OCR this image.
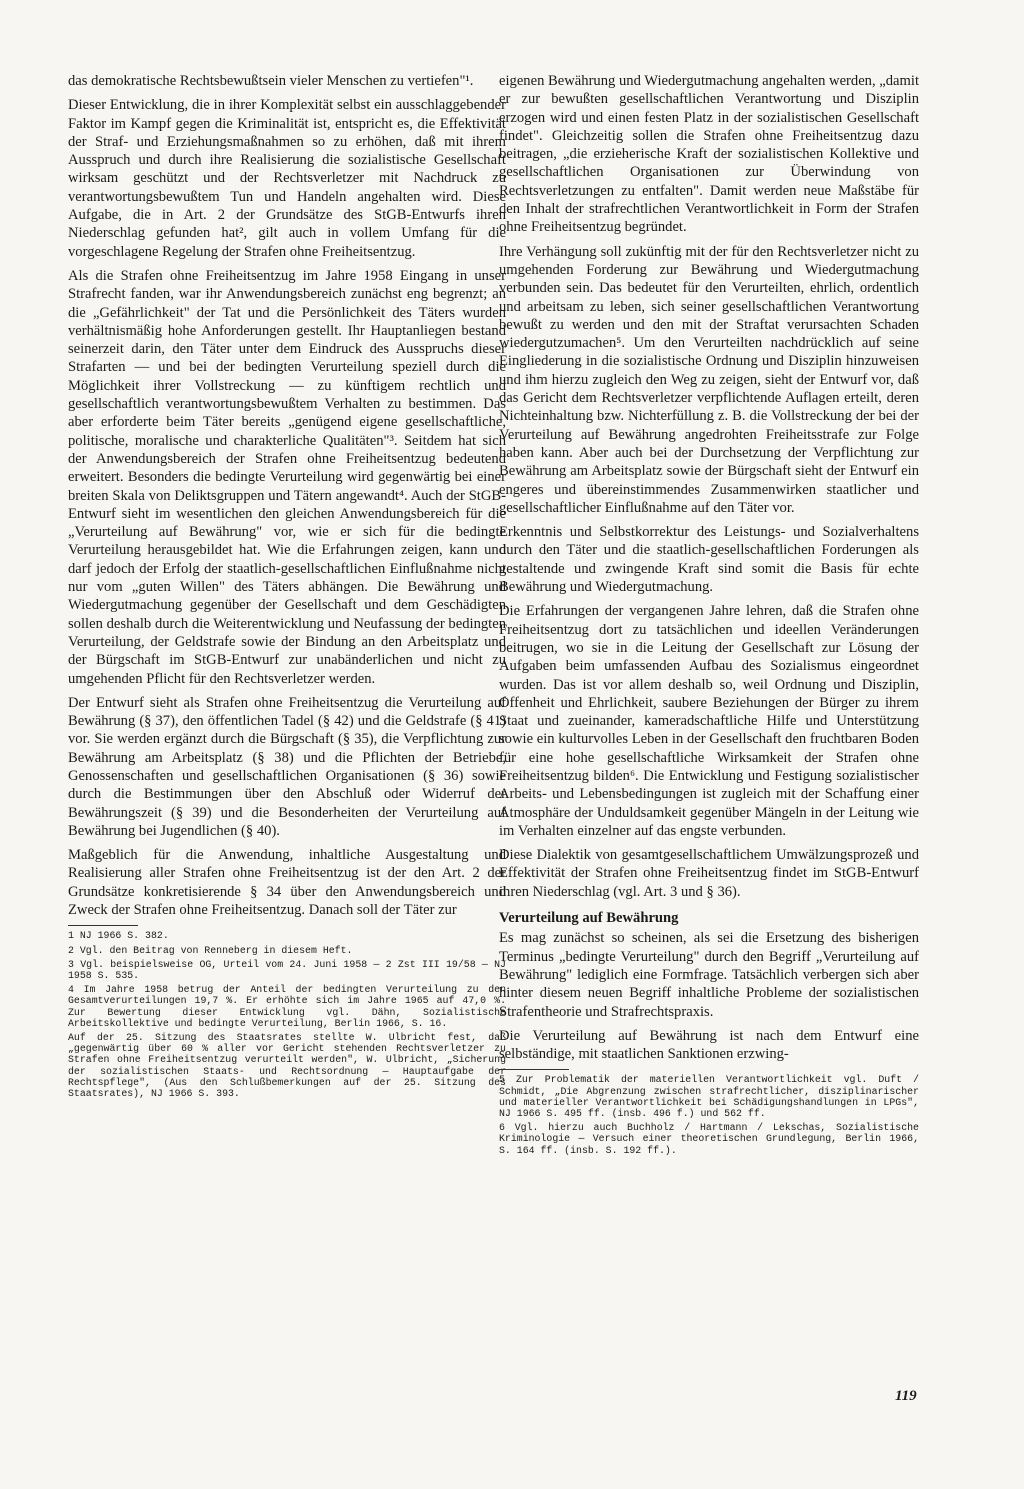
das demokratische Rechtsbewußtsein vieler Menschen zu vertiefen"¹.

Dieser Entwicklung, die in ihrer Komplexität selbst ein ausschlaggebender Faktor im Kampf gegen die Kriminalität ist, entspricht es, die Effektivität der Straf- und Erziehungsmaßnahmen so zu erhöhen, daß mit ihrem Ausspruch und durch ihre Realisierung die sozialistische Gesellschaft wirksam geschützt und der Rechtsverletzer mit Nachdruck zu verantwortungsbewußtem Tun und Handeln angehalten wird. Diese Aufgabe, die in Art. 2 der Grundsätze des StGB-Entwurfs ihren Niederschlag gefunden hat², gilt auch in vollem Umfang für die vorgeschlagene Regelung der Strafen ohne Freiheitsentzug.

Als die Strafen ohne Freiheitsentzug im Jahre 1958 Eingang in unser Strafrecht fanden, war ihr Anwendungsbereich zunächst eng begrenzt; an die „Gefährlichkeit" der Tat und die Persönlichkeit des Täters wurden verhältnismäßig hohe Anforderungen gestellt. Ihr Hauptanliegen bestand seinerzeit darin, den Täter unter dem Eindruck des Ausspruchs dieser Strafarten — und bei der bedingten Verurteilung speziell durch die Möglichkeit ihrer Vollstreckung — zu künftigem rechtlich und gesellschaftlich verantwortungsbewußtem Verhalten zu bestimmen. Das aber erforderte beim Täter bereits „genügend eigene gesellschaftliche, politische, moralische und charakterliche Qualitäten"³. Seitdem hat sich der Anwendungsbereich der Strafen ohne Freiheitsentzug bedeutend erweitert. Besonders die bedingte Verurteilung wird gegenwärtig bei einer breiten Skala von Deliktsgruppen und Tätern angewandt⁴. Auch der StGB-Entwurf sieht im wesentlichen den gleichen Anwendungsbereich für die „Verurteilung auf Bewährung" vor, wie er sich für die bedingte Verurteilung herausgebildet hat. Wie die Erfahrungen zeigen, kann und darf jedoch der Erfolg der staatlich-gesellschaftlichen Einflußnahme nicht nur vom „guten Willen" des Täters abhängen. Die Bewährung und Wiedergutmachung gegenüber der Gesellschaft und dem Geschädigten sollen deshalb durch die Weiterentwicklung und Neufassung der bedingten Verurteilung, der Geldstrafe sowie der Bindung an den Arbeitsplatz und der Bürgschaft im StGB-Entwurf zur unabänderlichen und nicht zu umgehenden Pflicht für den Rechtsverletzer werden.

Der Entwurf sieht als Strafen ohne Freiheitsentzug die Verurteilung auf Bewährung (§ 37), den öffentlichen Tadel (§ 42) und die Geldstrafe (§ 41) vor. Sie werden ergänzt durch die Bürgschaft (§ 35), die Verpflichtung zur Bewährung am Arbeitsplatz (§ 38) und die Pflichten der Betriebe, Genossenschaften und gesellschaftlichen Organisationen (§ 36) sowie durch die Bestimmungen über den Abschluß oder Widerruf der Bewährungszeit (§ 39) und die Besonderheiten der Verurteilung auf Bewährung bei Jugendlichen (§ 40).

Maßgeblich für die Anwendung, inhaltliche Ausgestaltung und Realisierung aller Strafen ohne Freiheitsentzug ist der den Art. 2 der Grundsätze konkretisierende § 34 über den Anwendungsbereich und Zweck der Strafen ohne Freiheitsentzug. Danach soll der Täter zur

1 NJ 1966 S. 382.

2 Vgl. den Beitrag von Renneberg in diesem Heft.

3 Vgl. beispielsweise OG, Urteil vom 24. Juni 1958 — 2 Zst III 19/58 — NJ 1958 S. 535.

4 Im Jahre 1958 betrug der Anteil der bedingten Verurteilung zu den Gesamtverurteilungen 19,7 %. Er erhöhte sich im Jahre 1965 auf 47,0 %. Zur Bewertung dieser Entwicklung vgl. Dähn, Sozialistische Arbeitskollektive und bedingte Verurteilung, Berlin 1966, S. 16.

Auf der 25. Sitzung des Staatsrates stellte W. Ulbricht fest, daß „gegenwärtig über 60 % aller vor Gericht stehenden Rechtsverletzer zu Strafen ohne Freiheitsentzug verurteilt werden", W. Ulbricht, „Sicherung der sozialistischen Staats- und Rechtsordnung — Hauptaufgabe der Rechtspflege", (Aus den Schlußbemerkungen auf der 25. Sitzung des Staatsrates), NJ 1966 S. 393.

eigenen Bewährung und Wiedergutmachung angehalten werden, „damit er zur bewußten gesellschaftlichen Verantwortung und Disziplin erzogen wird und einen festen Platz in der sozialistischen Gesellschaft findet". Gleichzeitig sollen die Strafen ohne Freiheitsentzug dazu beitragen, „die erzieherische Kraft der sozialistischen Kollektive und gesellschaftlichen Organisationen zur Überwindung von Rechtsverletzungen zu entfalten". Damit werden neue Maßstäbe für den Inhalt der strafrechtlichen Verantwortlichkeit in Form der Strafen ohne Freiheitsentzug begründet.

Ihre Verhängung soll zukünftig mit der für den Rechtsverletzer nicht zu umgehenden Forderung zur Bewährung und Wiedergutmachung verbunden sein. Das bedeutet für den Verurteilten, ehrlich, ordentlich und arbeitsam zu leben, sich seiner gesellschaftlichen Verantwortung bewußt zu werden und den mit der Straftat verursachten Schaden wiedergutzumachen⁵. Um den Verurteilten nachdrücklich auf seine Eingliederung in die sozialistische Ordnung und Disziplin hinzuweisen und ihm hierzu zugleich den Weg zu zeigen, sieht der Entwurf vor, daß das Gericht dem Rechtsverletzer verpflichtende Auflagen erteilt, deren Nichteinhaltung bzw. Nichterfüllung z. B. die Vollstreckung der bei der Verurteilung auf Bewährung angedrohten Freiheitsstrafe zur Folge haben kann. Aber auch bei der Durchsetzung der Verpflichtung zur Bewährung am Arbeitsplatz sowie der Bürgschaft sieht der Entwurf ein engeres und übereinstimmendes Zusammenwirken staatlicher und gesellschaftlicher Einflußnahme auf den Täter vor.

Erkenntnis und Selbstkorrektur des Leistungs- und Sozialverhaltens durch den Täter und die staatlich-gesellschaftlichen Forderungen als gestaltende und zwingende Kraft sind somit die Basis für echte Bewährung und Wiedergutmachung.

Die Erfahrungen der vergangenen Jahre lehren, daß die Strafen ohne Freiheitsentzug dort zu tatsächlichen und ideellen Veränderungen beitrugen, wo sie in die Leitung der Gesellschaft zur Lösung der Aufgaben beim umfassenden Aufbau des Sozialismus eingeordnet wurden. Das ist vor allem deshalb so, weil Ordnung und Disziplin, Offenheit und Ehrlichkeit, saubere Beziehungen der Bürger zu ihrem Staat und zueinander, kameradschaftliche Hilfe und Unterstützung sowie ein kulturvolles Leben in der Gesellschaft den fruchtbaren Boden für eine hohe gesellschaftliche Wirksamkeit der Strafen ohne Freiheitsentzug bilden⁶. Die Entwicklung und Festigung sozialistischer Arbeits- und Lebensbedingungen ist zugleich mit der Schaffung einer Atmosphäre der Unduldsamkeit gegenüber Mängeln in der Leitung wie im Verhalten einzelner auf das engste verbunden.

Diese Dialektik von gesamtgesellschaftlichem Umwälzungsprozeß und Effektivität der Strafen ohne Freiheitsentzug findet im StGB-Entwurf ihren Niederschlag (vgl. Art. 3 und § 36).

Verurteilung auf Bewährung

Es mag zunächst so scheinen, als sei die Ersetzung des bisherigen Terminus „bedingte Verurteilung" durch den Begriff „Verurteilung auf Bewährung" lediglich eine Formfrage. Tatsächlich verbergen sich aber hinter diesem neuen Begriff inhaltliche Probleme der sozialistischen Strafentheorie und Strafrechtspraxis.

Die Verurteilung auf Bewährung ist nach dem Entwurf eine selbständige, mit staatlichen Sanktionen erzwing-

5 Zur Problematik der materiellen Verantwortlichkeit vgl. Duft / Schmidt, „Die Abgrenzung zwischen strafrechtlicher, disziplinarischer und materieller Verantwortlichkeit bei Schädigungshandlungen in LPGs", NJ 1966 S. 495 ff. (insb. 496 f.) und 562 ff.

6 Vgl. hierzu auch Buchholz / Hartmann / Lekschas, Sozialistische Kriminologie — Versuch einer theoretischen Grundlegung, Berlin 1966, S. 164 ff. (insb. S. 192 ff.).

119
